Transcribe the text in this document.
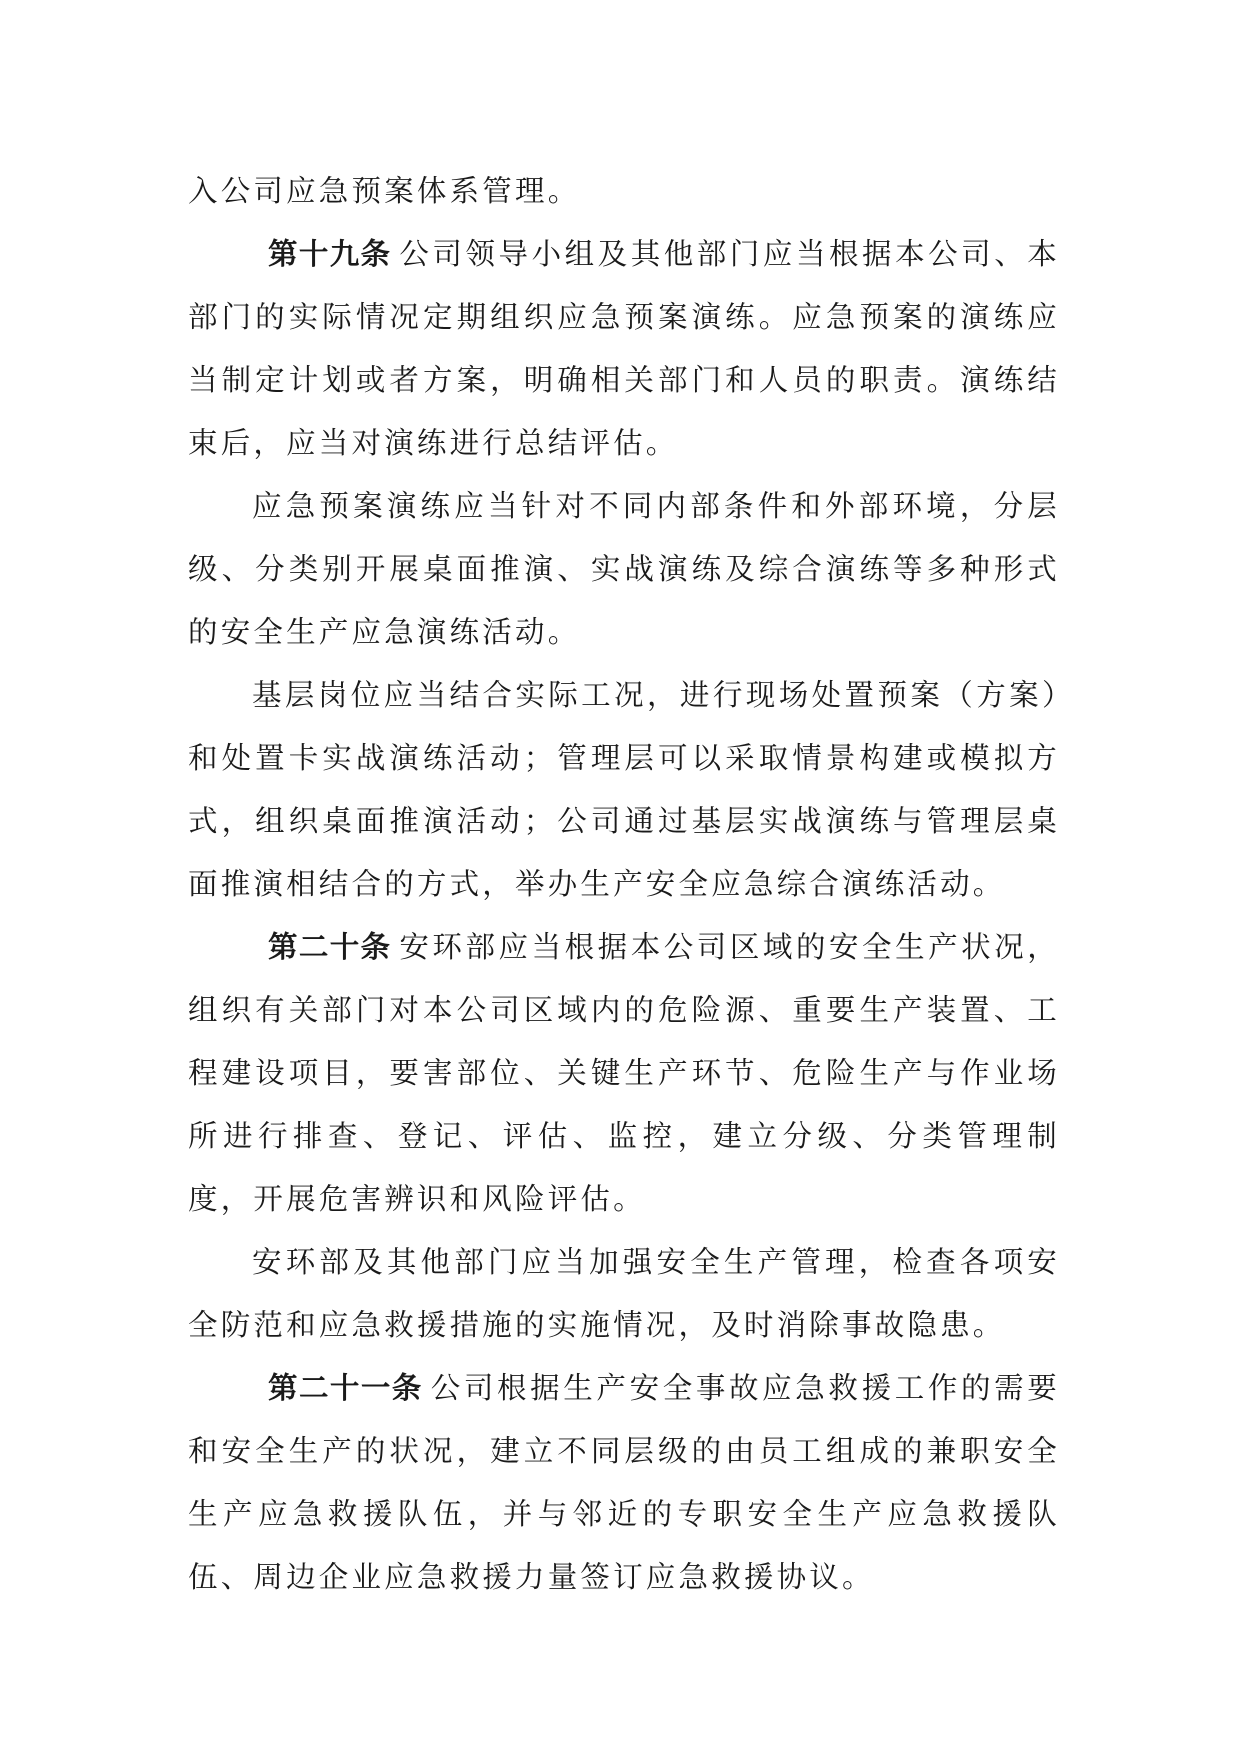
入公司应急预案体系管理。

第十九条 公司领导小组及其他部门应当根据本公司、本部门的实际情况定期组织应急预案演练。应急预案的演练应当制定计划或者方案，明确相关部门和人员的职责。演练结束后，应当对演练进行总结评估。

应急预案演练应当针对不同内部条件和外部环境，分层级、分类别开展桌面推演、实战演练及综合演练等多种形式的安全生产应急演练活动。

基层岗位应当结合实际工况，进行现场处置预案（方案）和处置卡实战演练活动；管理层可以采取情景构建或模拟方式，组织桌面推演活动；公司通过基层实战演练与管理层桌面推演相结合的方式，举办生产安全应急综合演练活动。

第二十条 安环部应当根据本公司区域的安全生产状况，组织有关部门对本公司区域内的危险源、重要生产装置、工程建设项目，要害部位、关键生产环节、危险生产与作业场所进行排查、登记、评估、监控，建立分级、分类管理制度，开展危害辨识和风险评估。

安环部及其他部门应当加强安全生产管理，检查各项安全防范和应急救援措施的实施情况，及时消除事故隐患。

第二十一条 公司根据生产安全事故应急救援工作的需要和安全生产的状况，建立不同层级的由员工组成的兼职安全生产应急救援队伍，并与邻近的专职安全生产应急救援队伍、周边企业应急救援力量签订应急救援协议。
